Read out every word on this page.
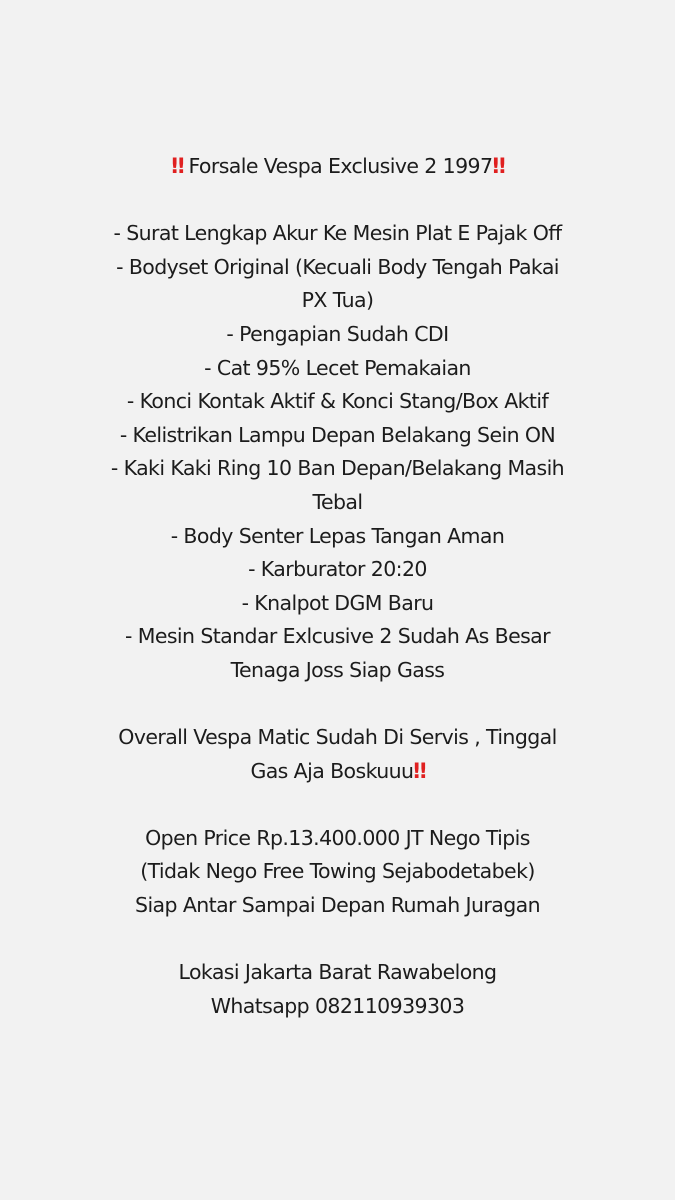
‼ Forsale Vespa Exclusive 2 1997‼
- Surat Lengkap Akur Ke Mesin Plat E Pajak Off
- Bodyset Original (Kecuali Body Tengah Pakai
PX Tua)
- Pengapian Sudah CDI
- Cat 95% Lecet Pemakaian
- Konci Kontak Aktif & Konci Stang/Box Aktif
- Kelistrikan Lampu Depan Belakang Sein ON
- Kaki Kaki Ring 10 Ban Depan/Belakang Masih
Tebal
- Body Senter Lepas Tangan Aman
- Karburator 20:20
- Knalpot DGM Baru
- Mesin Standar Exlcusive 2 Sudah As Besar
Tenaga Joss Siap Gass
Overall Vespa Matic Sudah Di Servis , Tinggal
Gas Aja Boskuuu‼
Open Price Rp.13.400.000 JT Nego Tipis
(Tidak Nego Free Towing Sejabodetabek)
Siap Antar Sampai Depan Rumah Juragan
Lokasi Jakarta Barat Rawabelong
Whatsapp 082110939303
